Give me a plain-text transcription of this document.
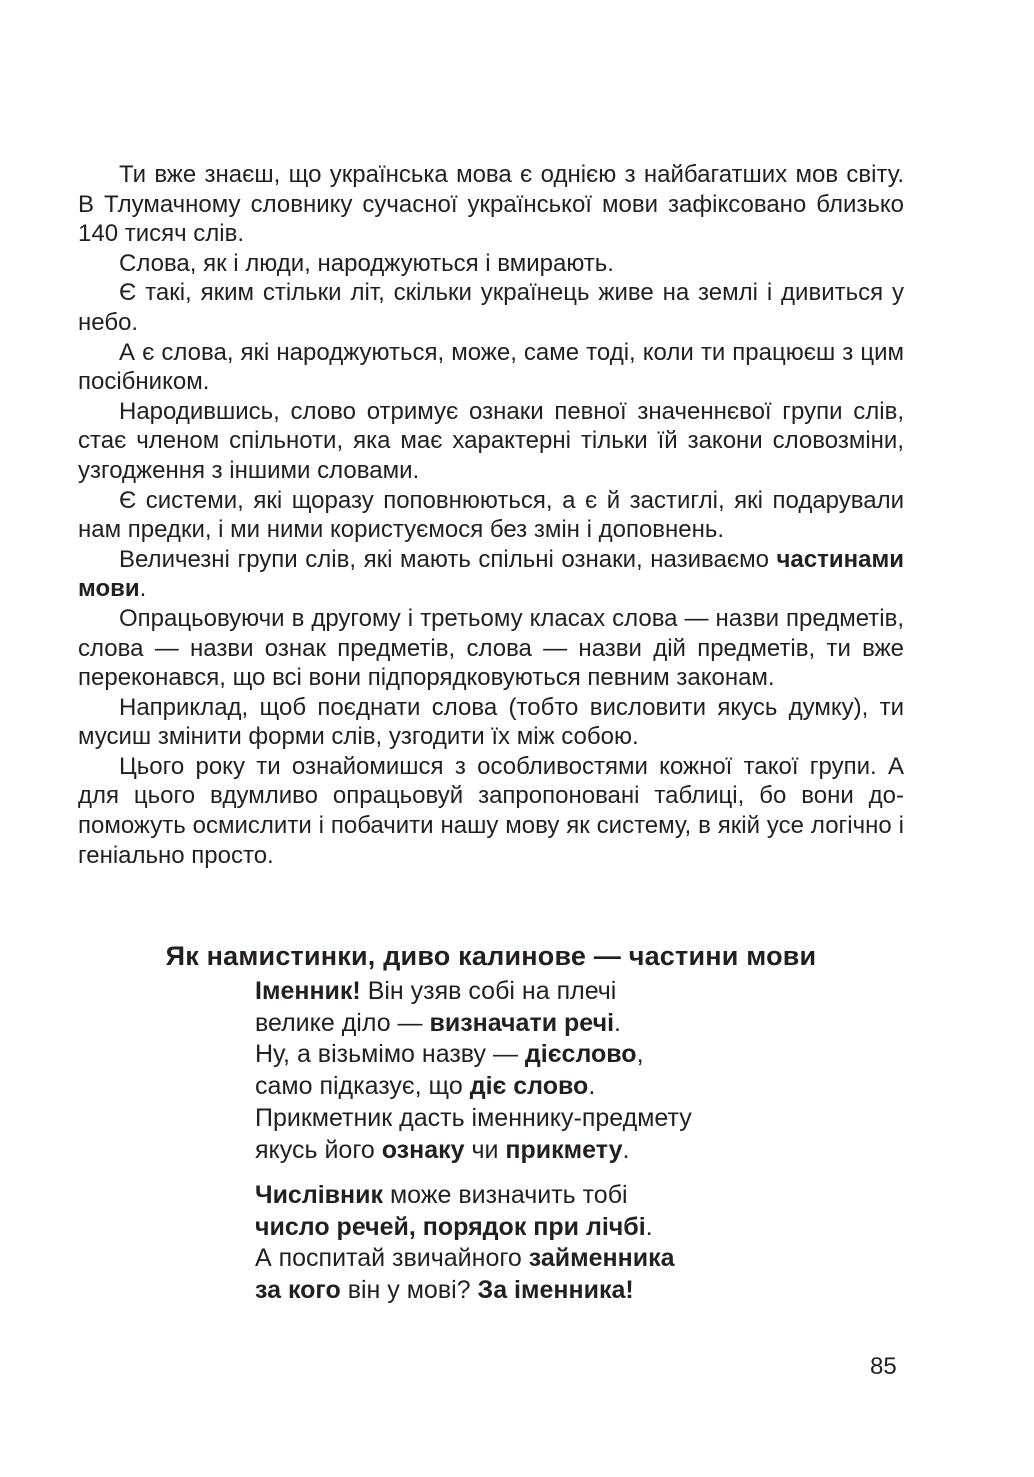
Ти вже знаєш, що українська мова є однією з найбагатших мов світу. В Тлумачному словнику сучасної української мови зафіксовано близько 140 тисяч слів.

Слова, як і люди, народжуються і вмирають.

Є такі, яким стільки літ, скільки українець живе на землі і дивиться у небо.

А є слова, які народжуються, може, саме тоді, коли ти працюєш з цим посібником.

Народившись, слово отримує ознаки певної значеннєвої групи слів, стає членом спільноти, яка має характерні тільки їй закони словозміни, узгодження з іншими словами.

Є системи, які щоразу поповнюються, а є й застиглі, які подарували нам предки, і ми ними користуємося без змін і доповнень.

Величезні групи слів, які мають спільні ознаки, називаємо частинами мови.

Опрацьовуючи в другому і третьому класах слова — назви предметів, слова — назви ознак предметів, слова — назви дій предметів, ти вже переконався, що всі вони підпорядковуються певним законам.

Наприклад, щоб поєднати слова (тобто висловити якусь думку), ти мусиш змінити форми слів, узгодити їх між собою.

Цього року ти ознайомишся з особливостями кожної такої групи. А для цього вдумливо опрацьовуй запропоновані таблиці, бо вони допоможуть осмислити і побачити нашу мову як систему, в якій усе логічно і геніально просто.

Як намистинки, диво калинове — частини мови
Іменник! Він узяв собі на плечі
велике діло — визначати речі.
Ну, а візьмімо назву — дієслово,
само підказує, що діє слово.
Прикметник дасть іменнику-предмету
якусь його ознаку чи прикмету.
Числівник може визначить тобі
число речей, порядок при лічбі.
А поспитай звичайного займенника
за кого він у мові? За іменника!
85
